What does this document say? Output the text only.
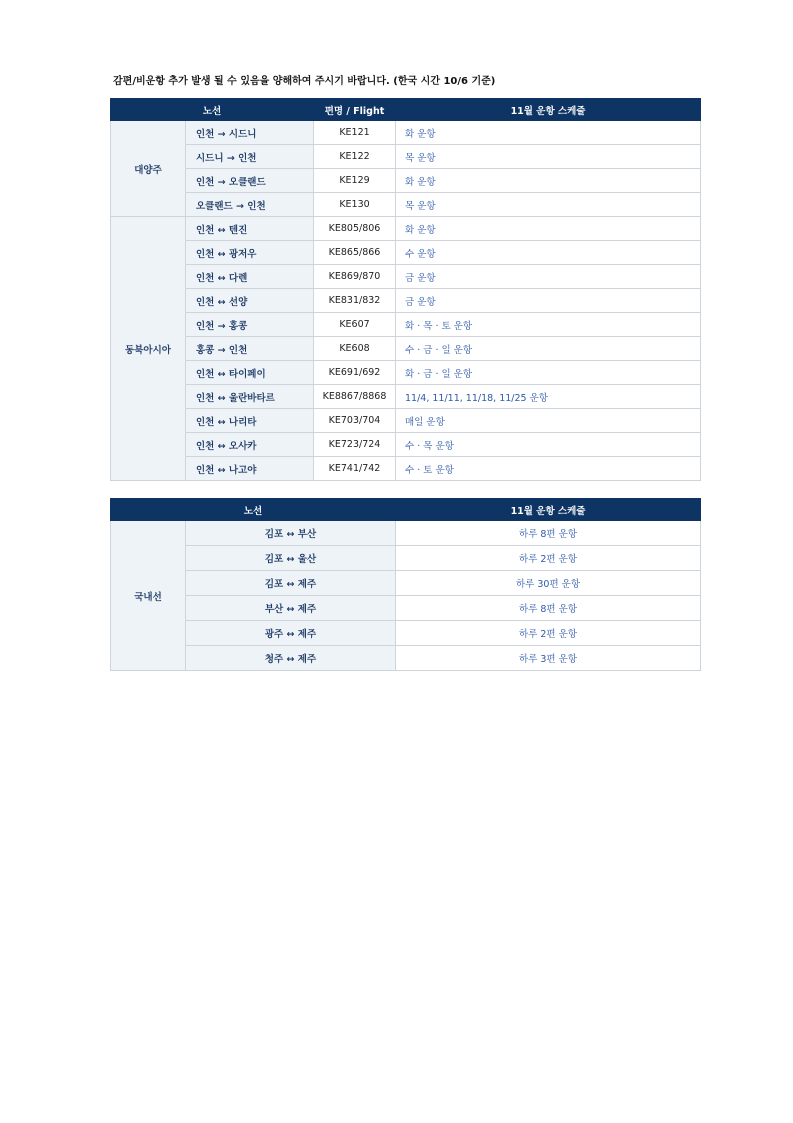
감편/비운항 추가 발생 될 수 있음을 양해하여 주시기 바랍니다. (한국 시간 10/6 기준)
노선		편명 / Flight	11월 운항 스케줄
대양주	인천 → 시드니	KE121	화 운항
	시드니 → 인천	KE122	목 운항
	인천 → 오클랜드	KE129	화 운항
	오클랜드 → 인천	KE130	목 운항
동북아시아	인천 ↔ 텐진	KE805/806	화 운항
	인천 ↔ 광저우	KE865/866	수 운항
	인천 ↔ 다렌	KE869/870	금 운항
	인천 ↔ 선양	KE831/832	금 운항
	인천 → 홍콩	KE607	화 · 목 · 토 운항
	홍콩 → 인천	KE608	수 · 금 · 일 운항
	인천 ↔ 타이페이	KE691/692	화 · 금 · 일 운항
	인천 ↔ 울란바타르	KE8867/8868	11/4, 11/11, 11/18, 11/25 운항
	인천 ↔ 나리타	KE703/704	매일 운항
	인천 ↔ 오사카	KE723/724	수 · 목 운항
	인천 ↔ 나고야	KE741/742	수 · 토 운항
노선		11월 운항 스케줄
국내선	김포 ↔ 부산	하루 8편 운항
	김포 ↔ 울산	하루 2편 운항
	김포 ↔ 제주	하루 30편 운항
	부산 ↔ 제주	하루 8편 운항
	광주 ↔ 제주	하루 2편 운항
	청주 ↔ 제주	하루 3편 운항
